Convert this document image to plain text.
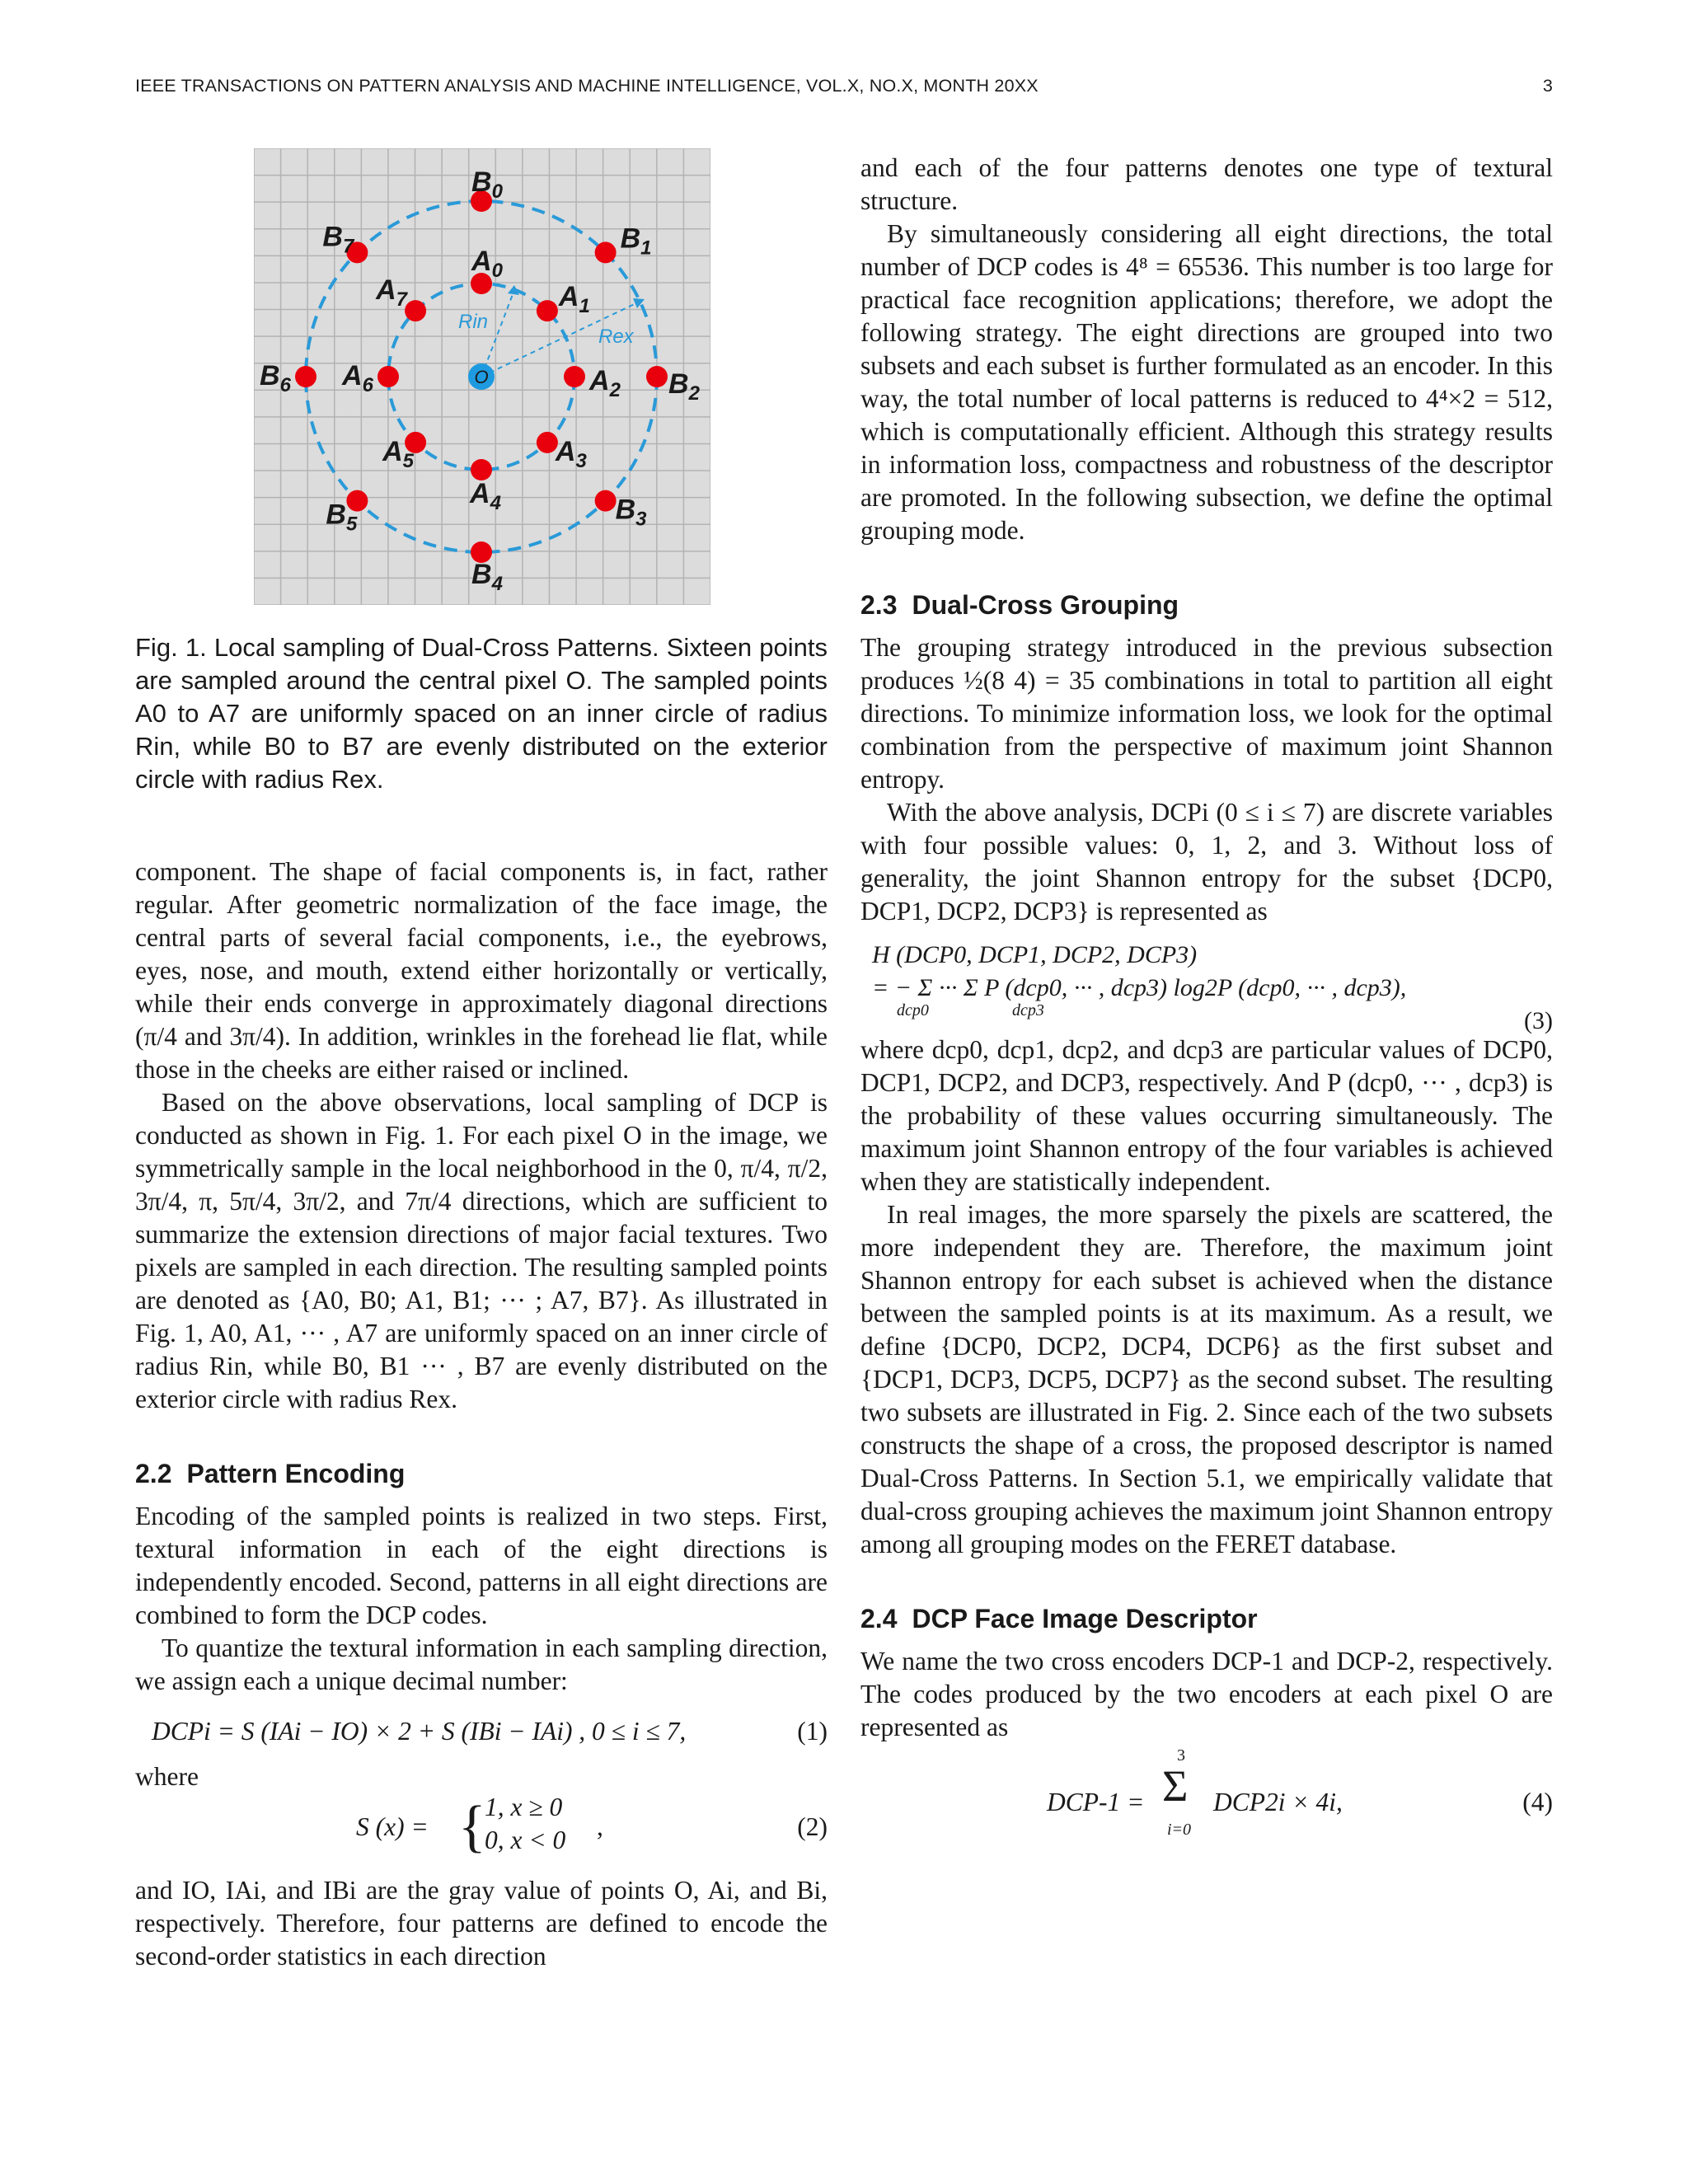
IEEE TRANSACTIONS ON PATTERN ANALYSIS AND MACHINE INTELLIGENCE, VOL.X, NO.X, MONTH 20XX	3
O
Rin
Rex
$B_0$
$B_1$
$B_2$
$B_3$
$B_4$
$B_5$
$B_6$
$B_7$	$A_0$
$A_1$
$A_2$
$A_3$
$A_4$
$A_5$
$A_6$
$A_7$
Fig. 1. Local sampling of Dual-Cross Patterns. Sixteen points are sampled around the central pixel O. The sampled points A0 to A7 are uniformly spaced on an inner circle of radius Rin, while B0 to B7 are evenly distributed on the exterior circle with radius Rex.

component. The shape of facial components is, in fact, rather regular. After geometric normalization of the face image, the central parts of several facial components, i.e., the eyebrows, eyes, nose, and mouth, extend either horizontally or vertically, while their ends converge in approximately diagonal directions (π/4 and 3π/4). In addition, wrinkles in the forehead lie flat, while those in the cheeks are either raised or inclined.

Based on the above observations, local sampling of DCP is conducted as shown in Fig. 1. For each pixel O in the image, we symmetrically sample in the local neighborhood in the 0, π/4, π/2, 3π/4, π, 5π/4, 3π/2, and 7π/4 directions, which are sufficient to summarize the extension directions of major facial textures. Two pixels are sampled in each direction. The resulting sampled points are denoted as {A0, B0; A1, B1; ··· ; A7, B7}. As illustrated in Fig. 1, A0, A1, ··· , A7 are uniformly spaced on an inner circle of radius Rin, while B0, B1 ··· , B7 are evenly distributed on the exterior circle with radius Rex.

2.2 Pattern Encoding

Encoding of the sampled points is realized in two steps. First, textural information in each of the eight directions is independently encoded. Second, patterns in all eight directions are combined to form the DCP codes.

To quantize the textural information in each sampling direction, we assign each a unique decimal number:

DCPi = S (IAi − IO) × 2 + S (IBi − IAi) , 0 ≤ i ≤ 7,	(1)

where

S (x) = {
1, x ≥ 0
0, x < 0 ,	(2)

and IO, IAi, and IBi are the gray value of points O, Ai, and Bi, respectively. Therefore, four patterns are defined to encode the second-order statistics in each direction

and each of the four patterns denotes one type of textural structure.

By simultaneously considering all eight directions, the total number of DCP codes is 4⁸ = 65536. This number is too large for practical face recognition applications; therefore, we adopt the following strategy. The eight directions are grouped into two subsets and each subset is further formulated as an encoder. In this way, the total number of local patterns is reduced to 4⁴×2 = 512, which is computationally efficient. Although this strategy results in information loss, compactness and robustness of the descriptor are promoted. In the following subsection, we define the optimal grouping mode.

2.3 Dual-Cross Grouping

The grouping strategy introduced in the previous subsection produces ½(8 4) = 35 combinations in total to partition all eight directions. To minimize information loss, we look for the optimal combination from the perspective of maximum joint Shannon entropy.

With the above analysis, DCPi (0 ≤ i ≤ 7) are discrete variables with four possible values: 0, 1, 2, and 3. Without loss of generality, the joint Shannon entropy for the subset {DCP0, DCP1, DCP2, DCP3} is represented as

H (DCP0, DCP1, DCP2, DCP3)
= − Σ ··· Σ P (dcp0, ··· , dcp3) log2P (dcp0, ··· , dcp3),
dcp0	dcp3	(3)

where dcp0, dcp1, dcp2, and dcp3 are particular values of DCP0, DCP1, DCP2, and DCP3, respectively. And P (dcp0, ··· , dcp3) is the probability of these values occurring simultaneously. The maximum joint Shannon entropy of the four variables is achieved when they are statistically independent.

In real images, the more sparsely the pixels are scattered, the more independent they are. Therefore, the maximum joint Shannon entropy for each subset is achieved when the distance between the sampled points is at its maximum. As a result, we define {DCP0, DCP2, DCP4, DCP6} as the first subset and {DCP1, DCP3, DCP5, DCP7} as the second subset. The resulting two subsets are illustrated in Fig. 2. Since each of the two subsets constructs the shape of a cross, the proposed descriptor is named Dual-Cross Patterns. In Section 5.1, we empirically validate that dual-cross grouping achieves the maximum joint Shannon entropy among all grouping modes on the FERET database.

2.4 DCP Face Image Descriptor

We name the two cross encoders DCP-1 and DCP-2, respectively. The codes produced by the two encoders at each pixel O are represented as

DCP-1 =
3
Σ
i=0
DCP2i × 4i,	(4)
